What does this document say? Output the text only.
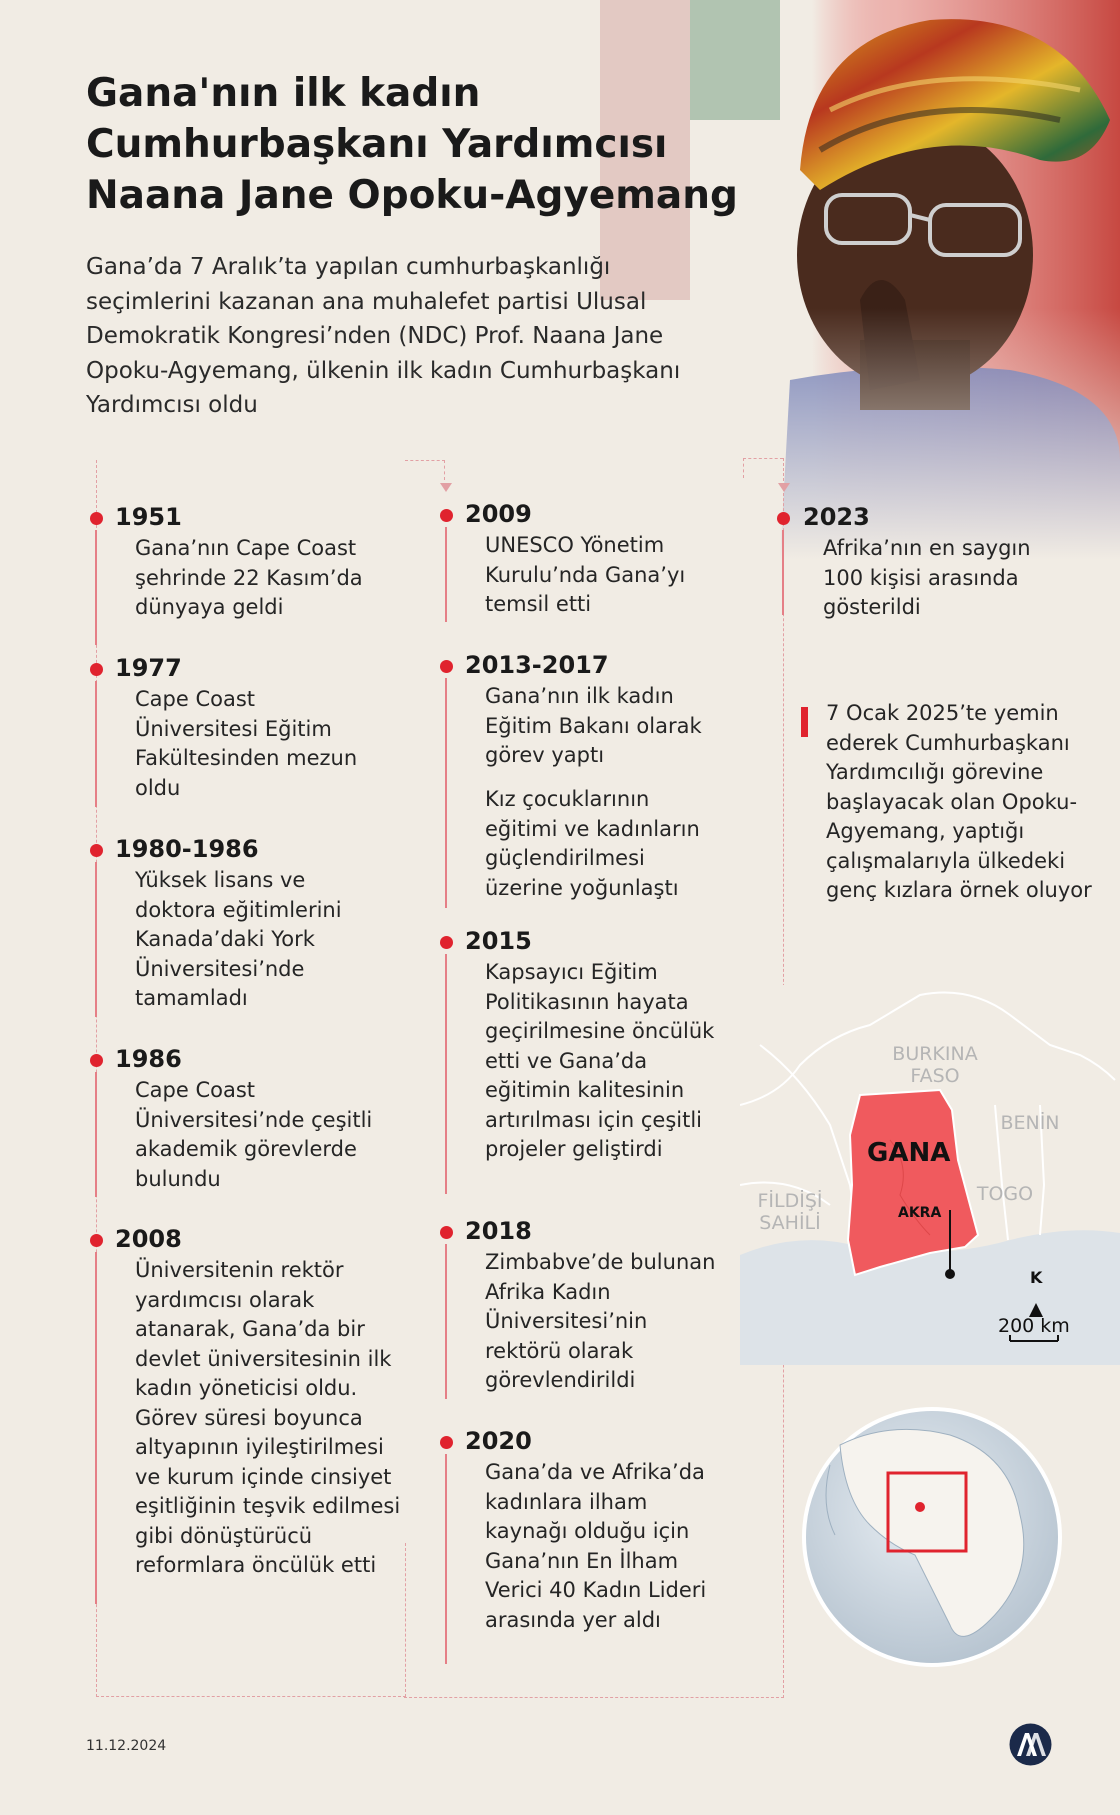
Gana'nın ilk kadın
Cumhurbaşkanı Yardımcısı
Naana Jane Opoku-Agyemang

Gana’da 7 Aralık’ta yapılan cumhurbaşkanlığı seçimlerini kazanan ana muhalefet partisi Ulusal Demokratik Kongresi’nden (NDC) Prof. Naana Jane Opoku-Agyemang, ülkenin ilk kadın Cumhurbaşkanı Yardımcısı oldu

1951
Gana’nın Cape Coast şehrinde 22 Kasım’da dünyaya geldi
1977
Cape Coast Üniversitesi Eğitim Fakültesinden mezun oldu
1980-1986
Yüksek lisans ve doktora eğitimlerini Kanada’daki York Üniversitesi’nde tamamladı
1986
Cape Coast Üniversitesi’nde çeşitli akademik görevlerde bulundu
2008
Üniversitenin rektör yardımcısı olarak atanarak, Gana’da bir devlet üniversitesinin ilk kadın yöneticisi oldu. Görev süresi boyunca altyapının iyileştirilmesi ve kurum içinde cinsiyet eşitliğinin teşvik edilmesi gibi dönüştürücü reformlara öncülük etti
2009
UNESCO Yönetim Kurulu’nda Gana’yı temsil etti
2013-2017
Gana’nın ilk kadın Eğitim Bakanı olarak görev yaptı
Kız çocuklarının eğitimi ve kadınların güçlendirilmesi üzerine yoğunlaştı
2015
Kapsayıcı Eğitim Politikasının hayata geçirilmesine öncülük etti ve Gana’da eğitimin kalitesinin artırılması için çeşitli projeler geliştirdi
2018
Zimbabve’de bulunan Afrika Kadın Üniversitesi’nin rektörü olarak görevlendirildi
2020
Gana’da ve Afrika’da kadınlara ilham kaynağı olduğu için Gana’nın En İlham Verici 40 Kadın Lideri arasında yer aldı
2023
Afrika’nın en saygın 100 kişisi arasında gösterildi
7 Ocak 2025’te yemin ederek Cumhurbaşkanı Yardımcılığı görevine başlayacak olan Opoku-Agyemang, yaptığı çalışmalarıyla ülkedeki genç kızlara örnek oluyor
BURKINA FASO
BENİN
TOGO
FİLDİŞİ SAHİLİ
GANA
AKRA
K
200 km
11.12.2024
